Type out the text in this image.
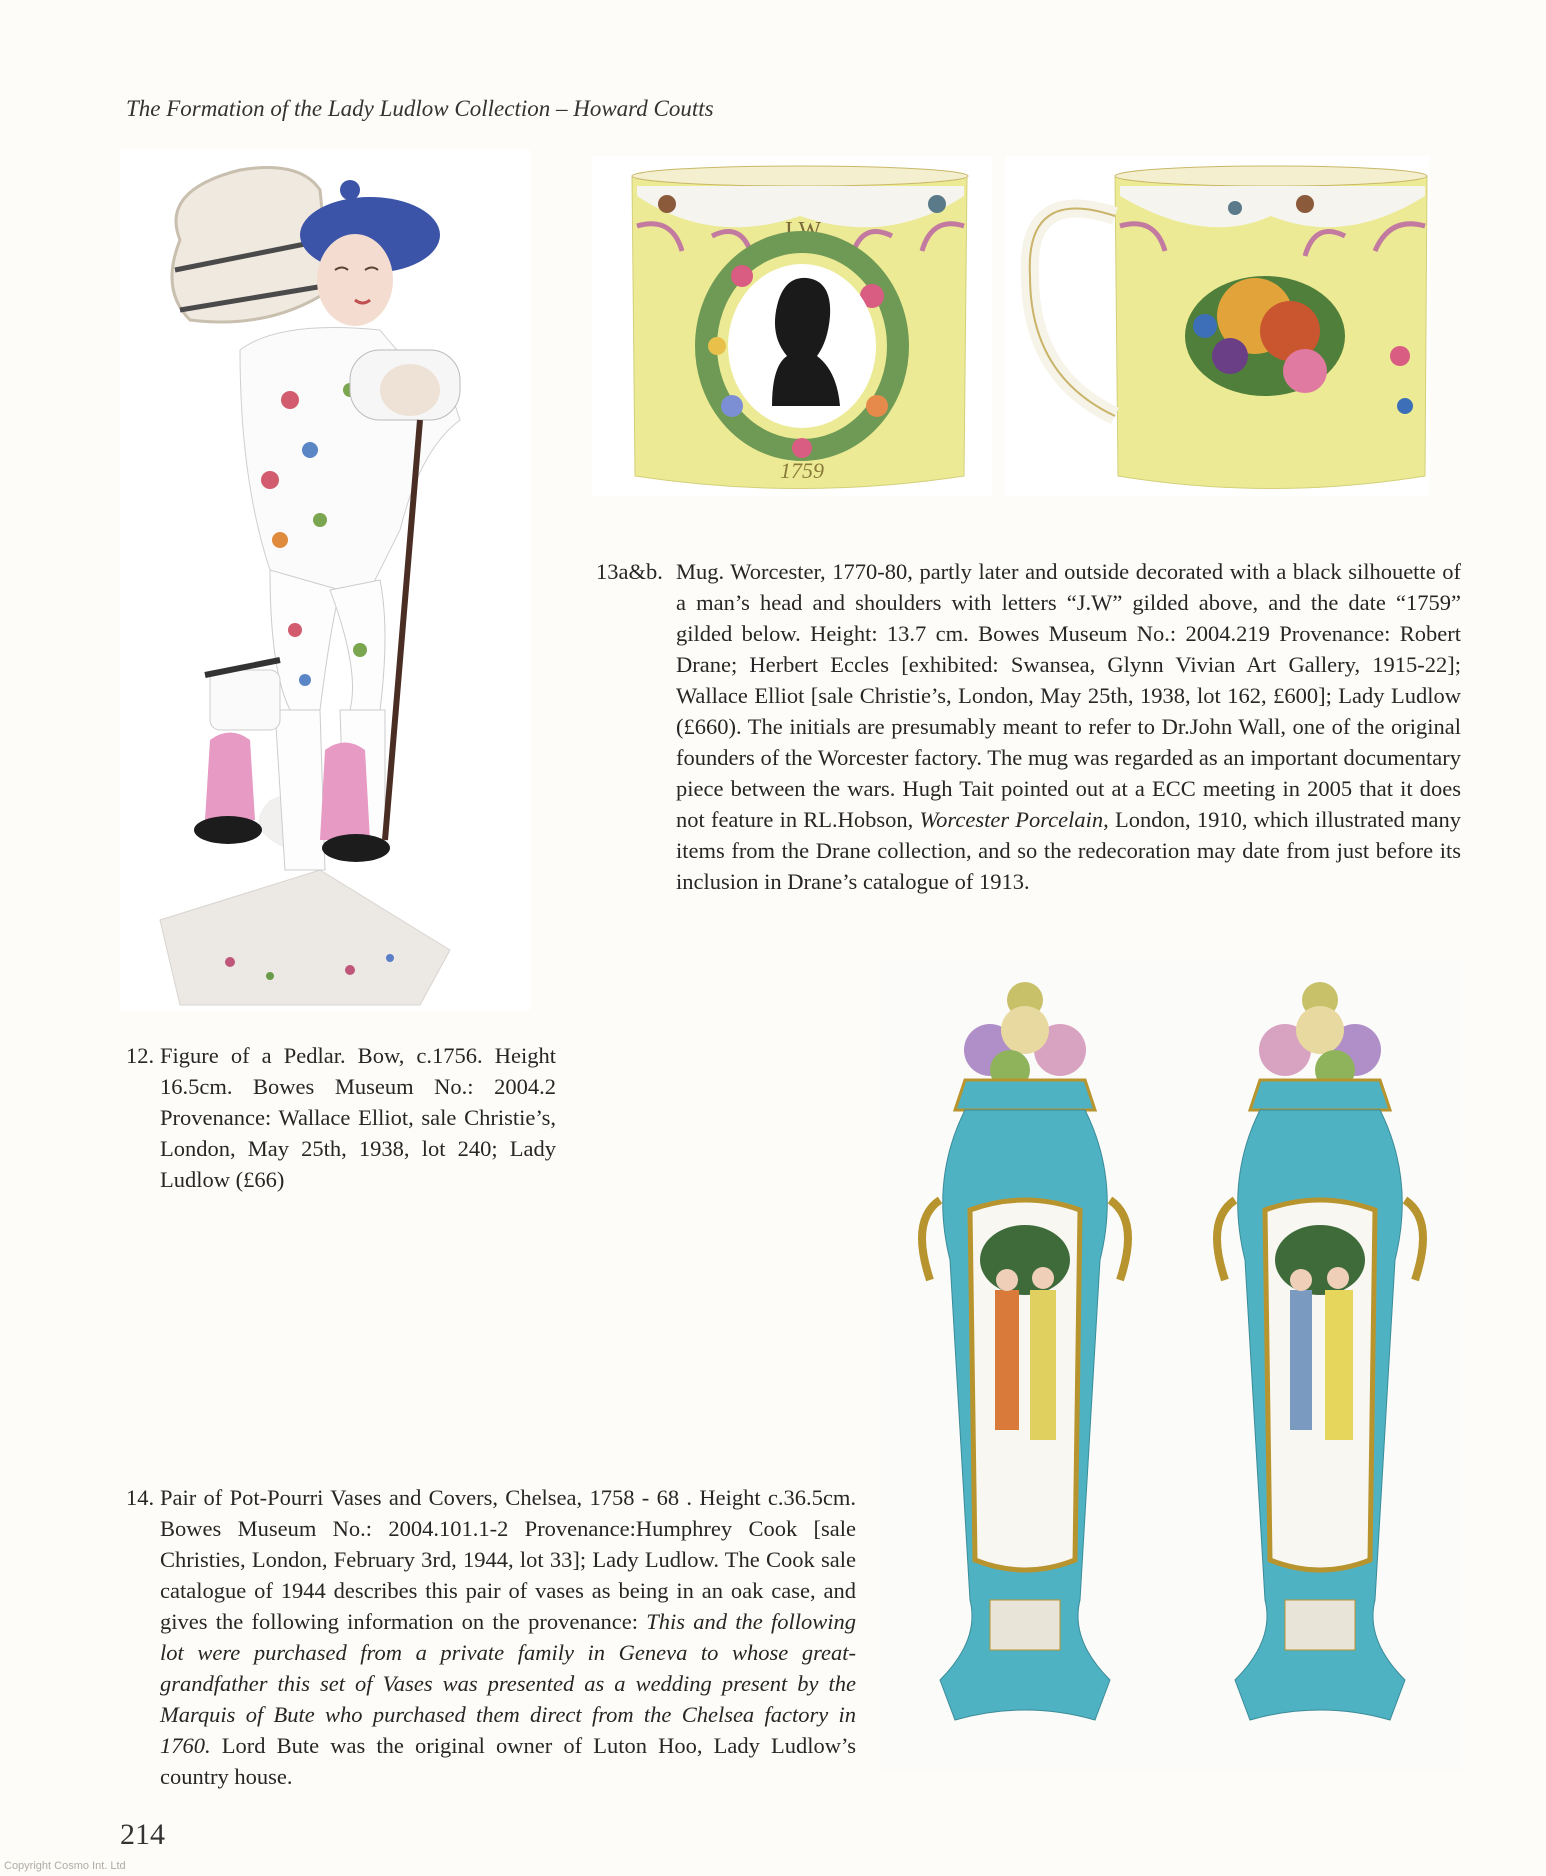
The Formation of the Lady Ludlow Collection – Howard Coutts
12. Figure of a Pedlar. Bow, c.1756. Height 16.5cm. Bowes Museum No.: 2004.2 Provenance: Wallace Elliot, sale Christie’s, London, May 25th, 1938, lot 240; Lady Ludlow (£66)
J.W
1759
13a&b. Mug. Worcester, 1770-80, partly later and outside decorated with a black silhouette of a man’s head and shoulders with letters “J.W” gilded above, and the date “1759” gilded below. Height: 13.7 cm. Bowes Museum No.: 2004.219 Provenance: Robert Drane; Herbert Eccles [exhibited: Swansea, Glynn Vivian Art Gallery, 1915-22]; Wallace Elliot [sale Christie’s, London, May 25th, 1938, lot 162, £600]; Lady Ludlow (£660). The initials are presumably meant to refer to Dr.John Wall, one of the original founders of the Worcester factory. The mug was regarded as an important documentary piece between the wars. Hugh Tait pointed out at a ECC meeting in 2005 that it does not feature in RL.Hobson, Worcester Porcelain, London, 1910, which illustrated many items from the Drane collection, and so the redecoration may date from just before its inclusion in Drane’s catalogue of 1913.
14. Pair of Pot-Pourri Vases and Covers, Chelsea, 1758 - 68 . Height c.36.5cm. Bowes Museum No.: 2004.101.1-2 Provenance:Humphrey Cook [sale Christies, London, February 3rd, 1944, lot 33]; Lady Ludlow. The Cook sale catalogue of 1944 describes this pair of vases as being in an oak case, and gives the following information on the provenance: This and the following lot were purchased from a private family in Geneva to whose great-grandfather this set of Vases was presented as a wedding present by the Marquis of Bute who purchased them direct from the Chelsea factory in 1760. Lord Bute was the original owner of Luton Hoo, Lady Ludlow’s country house.
214
Copyright Cosmo Int. Ltd
